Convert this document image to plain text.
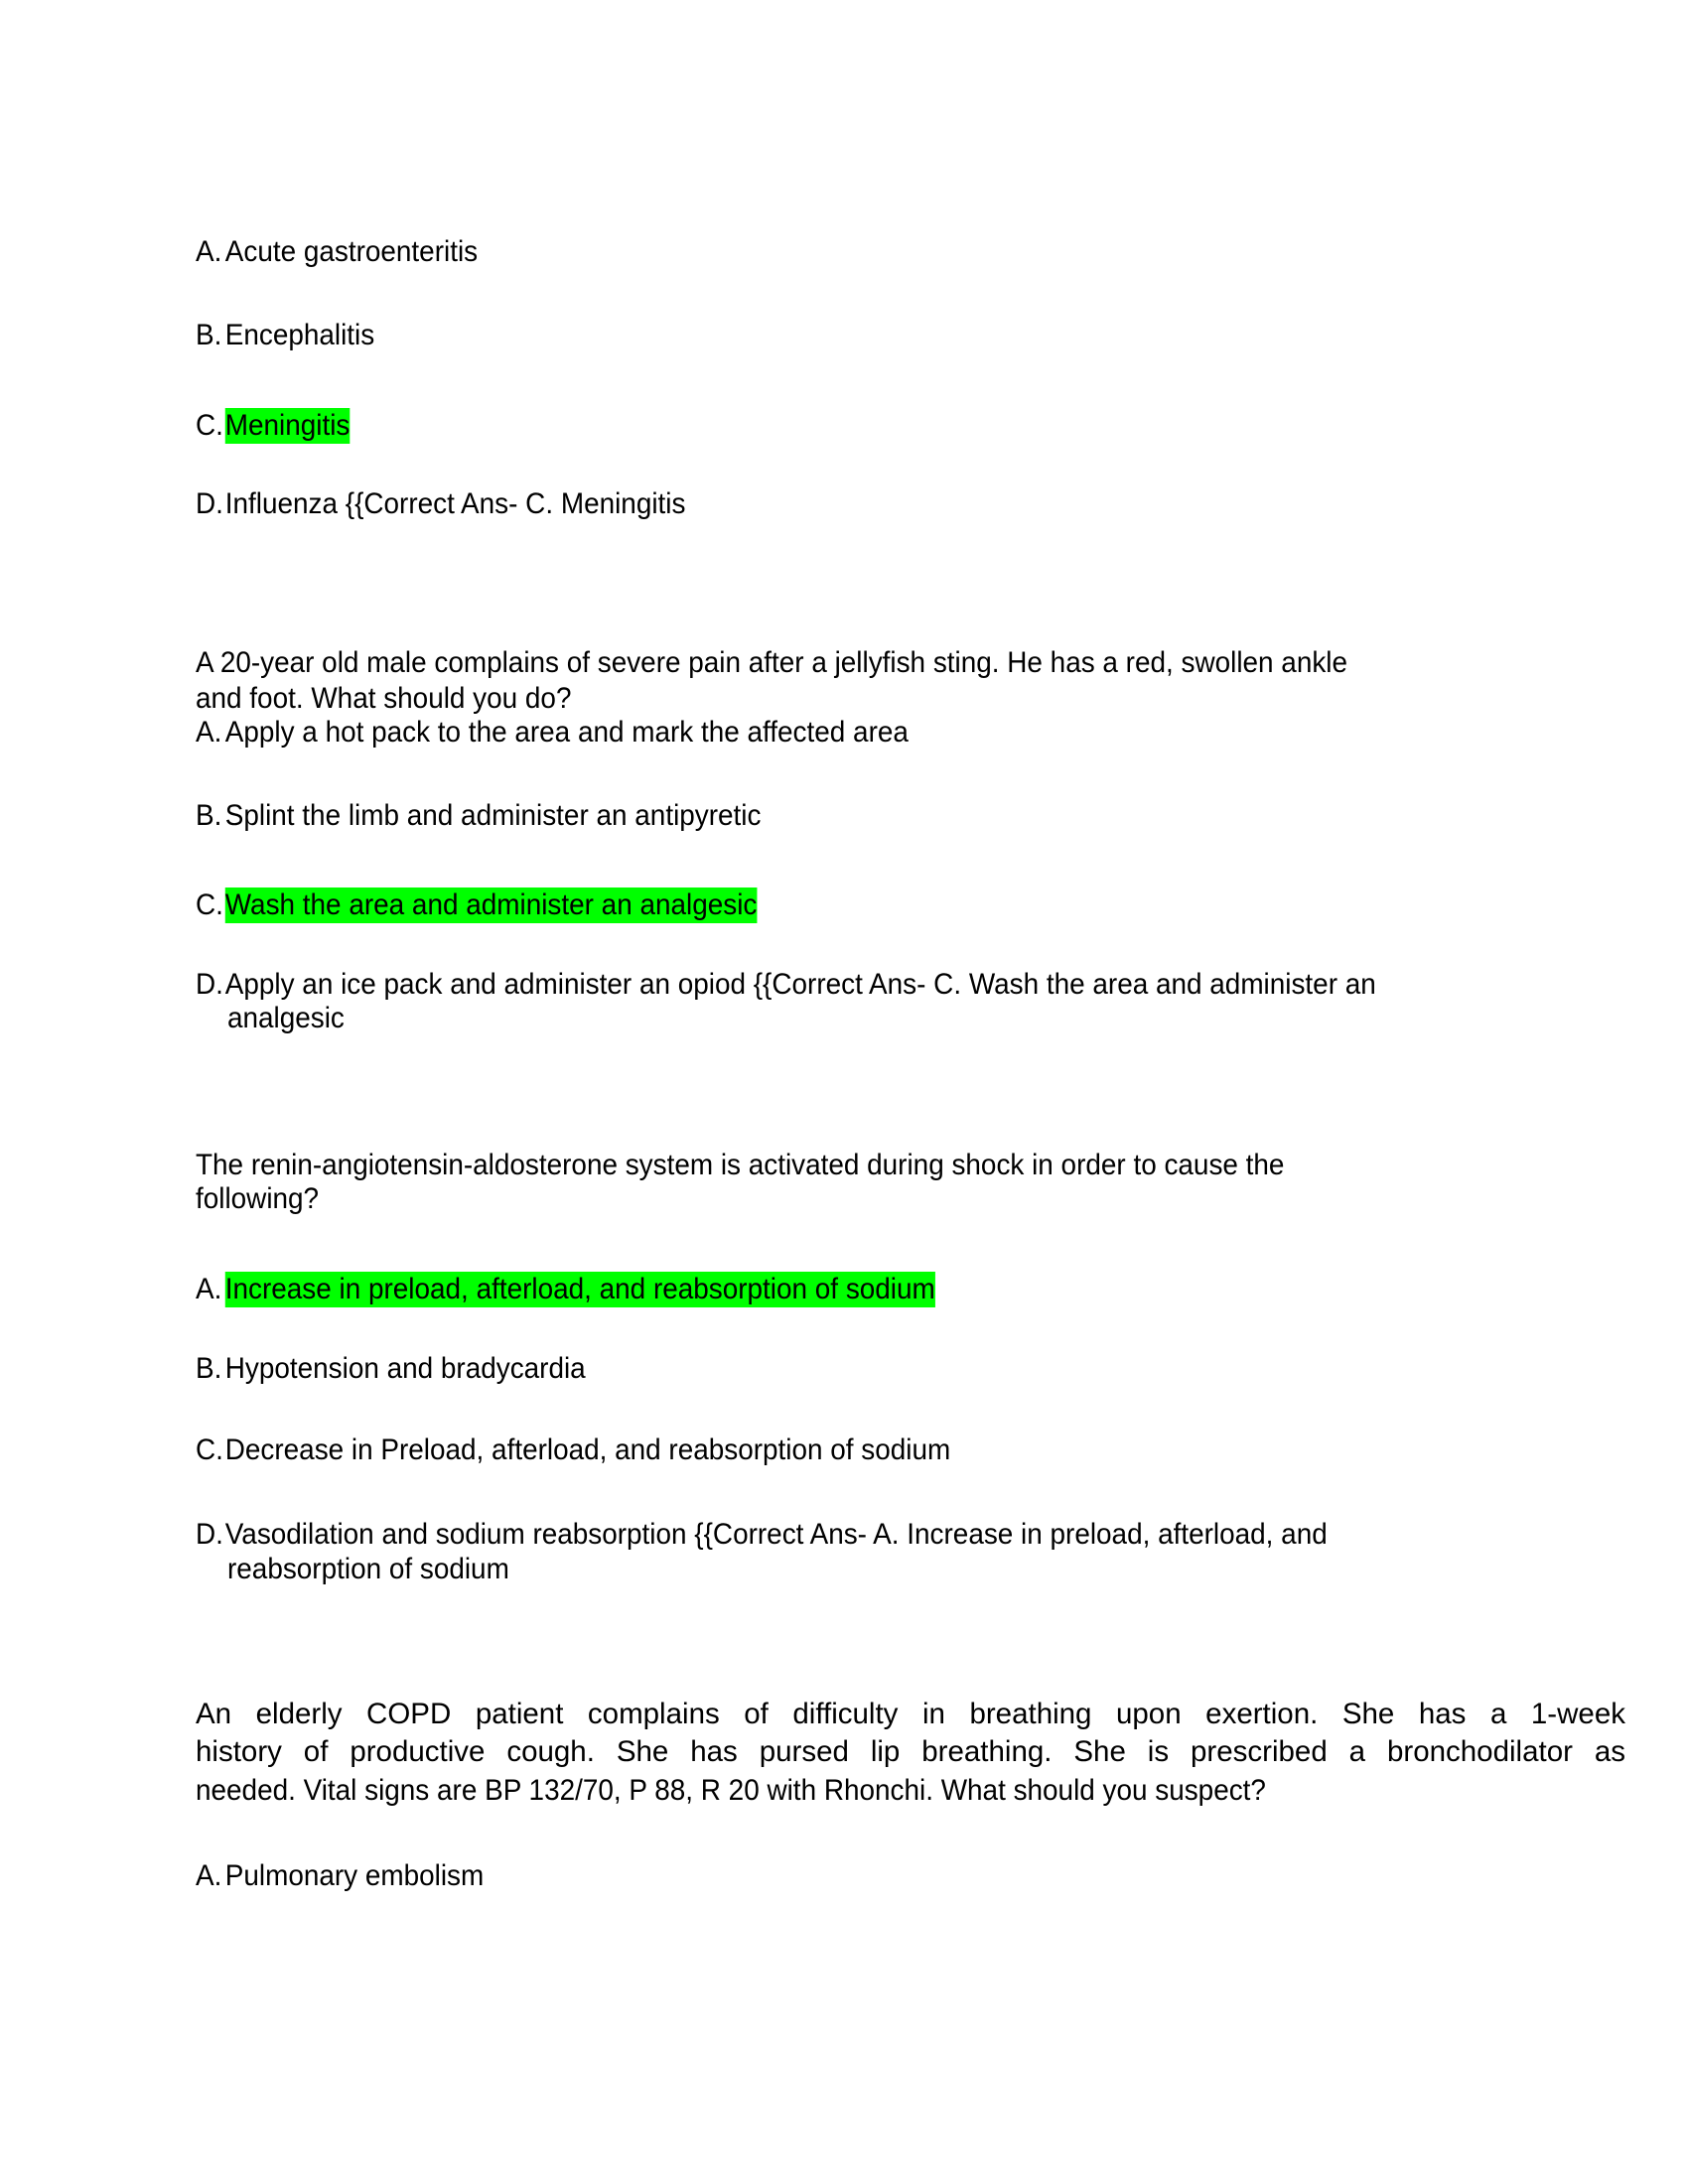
A. Acute gastroenteritis
B. Encephalitis
C. Meningitis
D. Influenza {{Correct Ans- C. Meningitis
A 20-year old male complains of severe pain after a jellyfish sting. He has a red, swollen ankle
and foot. What should you do?
A. Apply a hot pack to the area and mark the affected area
B. Splint the limb and administer an antipyretic
C. Wash the area and administer an analgesic
D. Apply an ice pack and administer an opiod {{Correct Ans- C. Wash the area and administer an
analgesic
The renin-angiotensin-aldosterone system is activated during shock in order to cause the
following?
A. Increase in preload, afterload, and reabsorption of sodium
B. Hypotension and bradycardia
C. Decrease in Preload, afterload, and reabsorption of sodium
D. Vasodilation and sodium reabsorption {{Correct Ans- A. Increase in preload, afterload, and
reabsorption of sodium
An elderly COPD patient complains of difficulty in breathing upon exertion. She has a 1-week
history of productive cough. She has pursed lip breathing. She is prescribed a bronchodilator as
needed. Vital signs are BP 132/70, P 88, R 20 with Rhonchi. What should you suspect?
A. Pulmonary embolism
